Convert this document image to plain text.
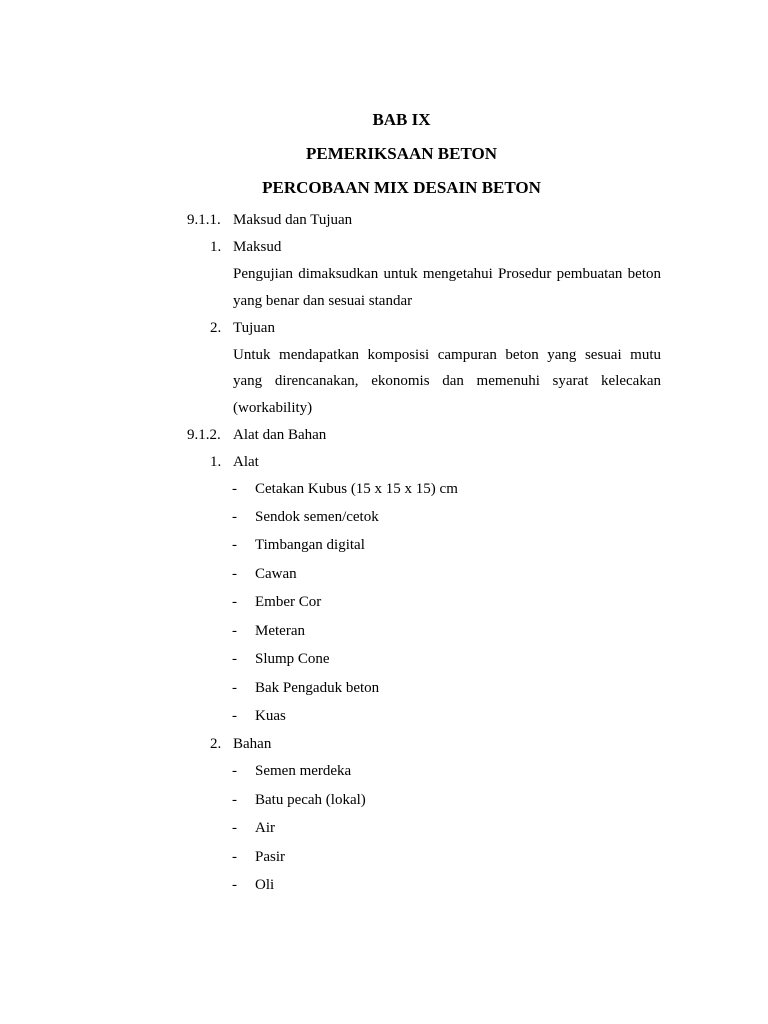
BAB IX
PEMERIKSAAN BETON
PERCOBAAN MIX DESAIN BETON
9.1.1. Maksud dan Tujuan
1. Maksud
Pengujian dimaksudkan untuk mengetahui Prosedur pembuatan beton
yang benar dan sesuai standar
2. Tujuan
Untuk mendapatkan komposisi campuran beton yang sesuai mutu
yang direncanakan, ekonomis dan memenuhi syarat kelecakan
(workability)
9.1.2. Alat dan Bahan
1. Alat
- Cetakan Kubus (15 x 15 x 15) cm
- Sendok semen/cetok
- Timbangan digital
- Cawan
- Ember Cor
- Meteran
- Slump Cone
- Bak Pengaduk beton
- Kuas
2. Bahan
- Semen merdeka
- Batu pecah (lokal)
- Air
- Pasir
- Oli
